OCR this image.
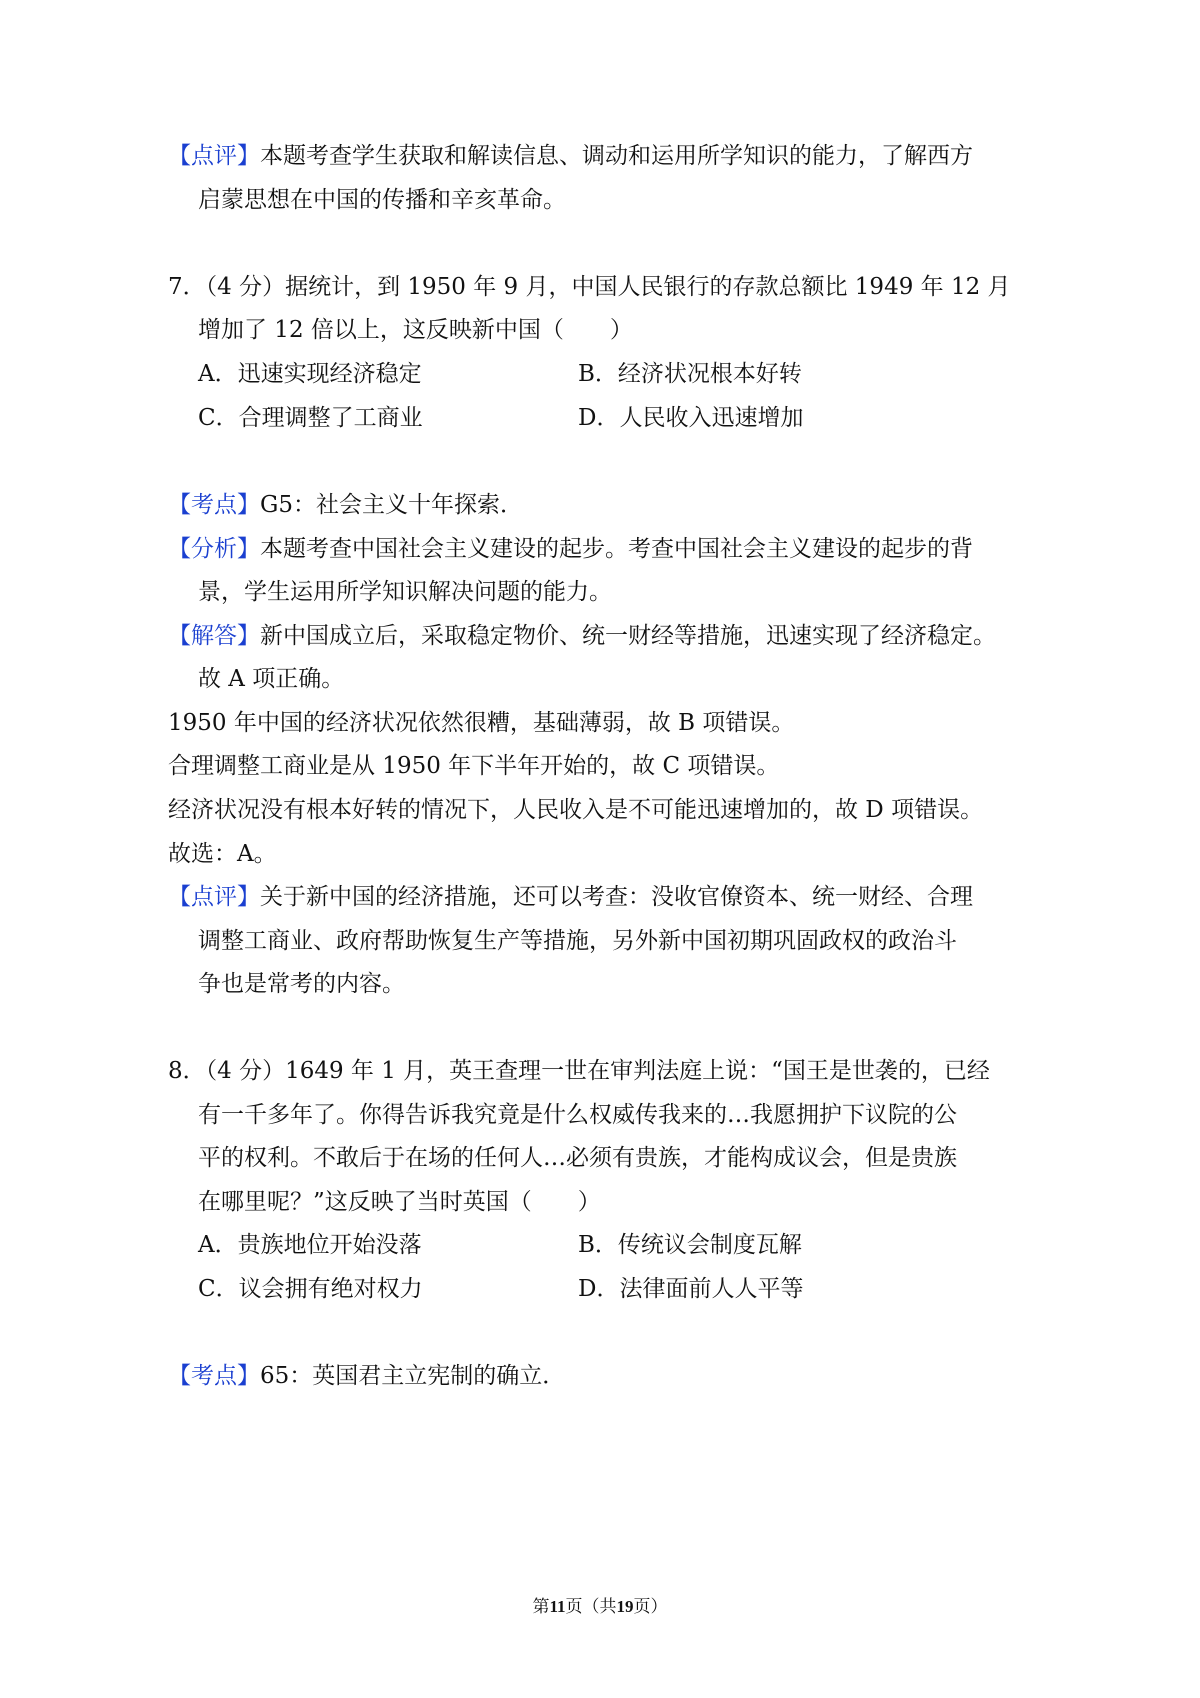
【点评】本题考查学生获取和解读信息、调动和运用所学知识的能力，了解西方
启蒙思想在中国的传播和辛亥革命。
7．（4 分）据统计，到 1950 年 9 月，中国人民银行的存款总额比 1949 年 12 月
增加了 12 倍以上，这反映新中国（　　）
A．迅速实现经济稳定	B．经济状况根本好转
C．合理调整了工商业	D．人民收入迅速增加
【考点】G5：社会主义十年探索．
【分析】本题考查中国社会主义建设的起步。考查中国社会主义建设的起步的背
景，学生运用所学知识解决问题的能力。
【解答】新中国成立后，采取稳定物价、统一财经等措施，迅速实现了经济稳定。
故 A 项正确。
1950 年中国的经济状况依然很糟，基础薄弱，故 B 项错误。
合理调整工商业是从 1950 年下半年开始的，故 C 项错误。
经济状况没有根本好转的情况下，人民收入是不可能迅速增加的，故 D 项错误。
故选：A。
【点评】关于新中国的经济措施，还可以考查：没收官僚资本、统一财经、合理
调整工商业、政府帮助恢复生产等措施，另外新中国初期巩固政权的政治斗
争也是常考的内容。
8．（4 分）1649 年 1 月，英王查理一世在审判法庭上说：“国王是世袭的，已经
有一千多年了。你得告诉我究竟是什么权威传我来的…我愿拥护下议院的公
平的权利。不敢后于在场的任何人…必须有贵族，才能构成议会，但是贵族
在哪里呢？”这反映了当时英国（　　）
A．贵族地位开始没落	B．传统议会制度瓦解
C．议会拥有绝对权力	D．法律面前人人平等
【考点】65：英国君主立宪制的确立．
第11页（共19页）
